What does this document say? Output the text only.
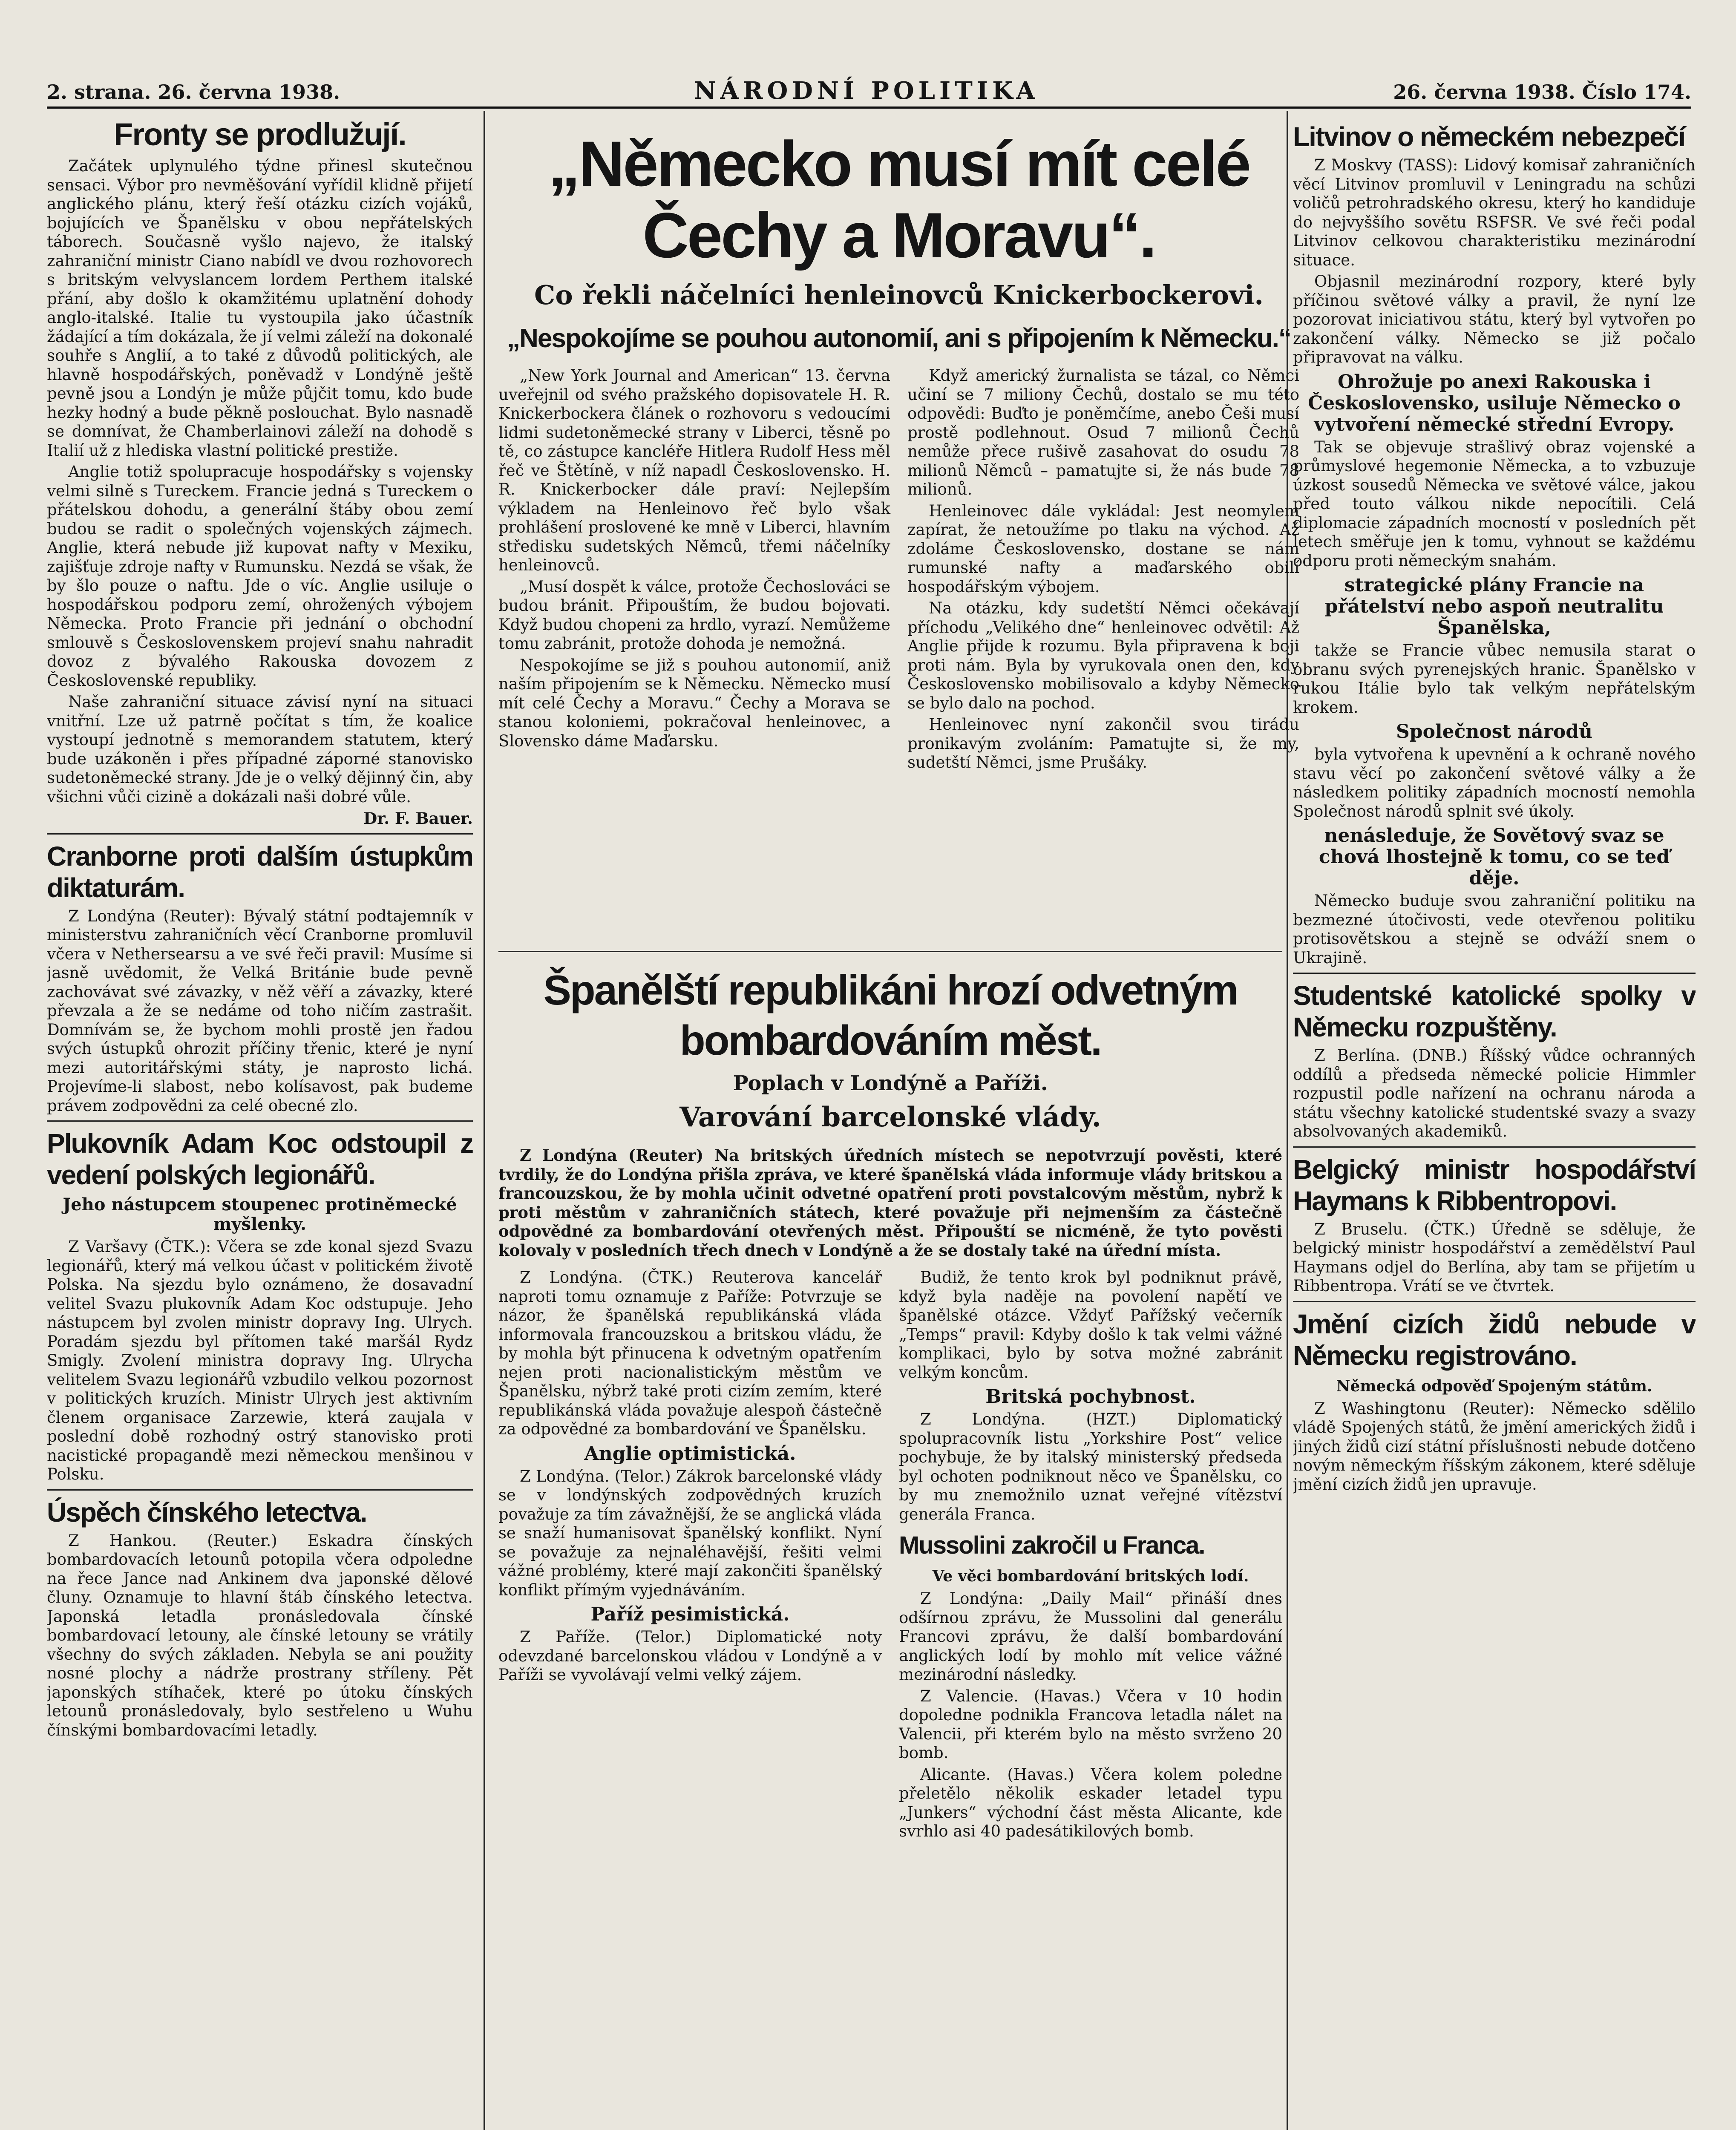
2. strana. 26. června 1938.	NÁRODNÍ POLITIKA	26. června 1938. Číslo 174.
Fronty se prodlužují.

Začátek uplynulého týdne přinesl skutečnou sensaci. Výbor pro nevměšování vyřídil klidně přijetí anglického plánu, který řeší otázku cizích vojáků, bojujících ve Španělsku v obou nepřátelských táborech. Současně vyšlo najevo, že italský zahraniční ministr Ciano nabídl ve dvou rozhovorech s britským velvyslancem lordem Perthem italské přání, aby došlo k okamžitému uplatnění dohody anglo-italské. Italie tu vystoupila jako účastník žádající a tím dokázala, že jí velmi záleží na dokonalé souhře s Anglií, a to také z důvodů politických, ale hlavně hospodářských, poněvadž v Londýně ještě pevně jsou a Londýn je může půjčit tomu, kdo bude hezky hodný a bude pěkně poslouchat. Bylo nasnadě se domnívat, že Chamberlainovi záleží na dohodě s Italií už z hlediska vlastní politické prestiže.

Anglie totiž spolupracuje hospodářsky s vojensky velmi silně s Tureckem. Francie jedná s Tureckem o přátelskou dohodu, a generální štáby obou zemí budou se radit o společných vojenských zájmech. Anglie, která nebude již kupovat nafty v Mexiku, zajišťuje zdroje nafty v Rumunsku. Nezdá se však, že by šlo pouze o naftu. Jde o víc. Anglie usiluje o hospodářskou podporu zemí, ohrožených výbojem Německa. Proto Francie při jednání o obchodní smlouvě s Československem projeví snahu nahradit dovoz z bývalého Rakouska dovozem z Československé republiky.

Naše zahraniční situace závisí nyní na situaci vnitřní. Lze už patrně počítat s tím, že koalice vystoupí jednotně s memorandem statutem, který bude uzákoněn i přes případné záporné stanovisko sudetoněmecké strany. Jde je o velký dějinný čin, aby všichni vůči cizině a dokázali naši dobré vůle.

Dr. F. Bauer.
Cranborne proti dalším ústupkům diktaturám.

Z Londýna (Reuter): Bývalý státní podtajemník v ministerstvu zahraničních věcí Cranborne promluvil včera v Nethersearsu a ve své řeči pravil: Musíme si jasně uvědomit, že Velká Británie bude pevně zachovávat své závazky, v něž věří a závazky, které převzala a že se nedáme od toho ničím zastrašit. Domnívám se, že bychom mohli prostě jen řadou svých ústupků ohrozit příčiny třenic, které je nyní mezi autoritářskými státy, je naprosto lichá. Projevíme-li slabost, nebo kolísavost, pak budeme právem zodpovědni za celé obecné zlo.

Plukovník Adam Koc odstoupil z vedení polských legionářů.
Jeho nástupcem stoupenec protiněmecké myšlenky.

Z Varšavy (ČTK.): Včera se zde konal sjezd Svazu legionářů, který má velkou účast v politickém životě Polska. Na sjezdu bylo oznámeno, že dosavadní velitel Svazu plukovník Adam Koc odstupuje. Jeho nástupcem byl zvolen ministr dopravy Ing. Ulrych. Poradám sjezdu byl přítomen také maršál Rydz Smigly. Zvolení ministra dopravy Ing. Ulrycha velitelem Svazu legionářů vzbudilo velkou pozornost v politických kruzích. Ministr Ulrych jest aktivním členem organisace Zarzewie, která zaujala v poslední době rozhodný ostrý stanovisko proti nacistické propagandě mezi německou menšinou v Polsku.

Úspěch čínského letectva.

Z Hankou. (Reuter.) Eskadra čínských bombardovacích letounů potopila včera odpoledne na řece Jance nad Ankinem dva japonské dělové čluny. Oznamuje to hlavní štáb čínského letectva. Japonská letadla pronásledovala čínské bombardovací letouny, ale čínské letouny se vrátily všechny do svých základen. Nebyla se ani použity nosné plochy a nádrže prostrany stříleny. Pět japonských stíhaček, které po útoku čínských letounů pronásledovaly, bylo sestřeleno u Wuhu čínskými bombardovacími letadly.

„Německo musí mít celé Čechy a Moravu“.
Co řekli náčelníci henleinovců Knickerbockerovi.
„Nespokojíme se pouhou autonomií, ani s připojením k Německu.“

„New York Journal and American“ 13. června uveřejnil od svého pražského dopisovatele H. R. Knickerbockera článek o rozhovoru s vedoucími lidmi sudetoněmecké strany v Liberci, těsně po tě, co zástupce kancléře Hitlera Rudolf Hess měl řeč ve Štětíně, v níž napadl Československo. H. R. Knickerbocker dále praví: Nejlepším výkladem na Henleinovo řeč bylo však prohlášení proslovené ke mně v Liberci, hlavním středisku sudetských Němců, třemi náčelníky henleinovců.

„Musí dospět k válce, protože Čechoslováci se budou bránit. Připouštím, že budou bojovati. Když budou chopeni za hrdlo, vyrazí. Nemůžeme tomu zabránit, protože dohoda je nemožná.

Nespokojíme se již s pouhou autonomií, aniž naším připojením se k Německu. Německo musí mít celé Čechy a Moravu.“ Čechy a Morava se stanou koloniemi, pokračoval henleinovec, a Slovensko dáme Maďarsku.

Když americký žurnalista se tázal, co Němci učiní se 7 miliony Čechů, dostalo se mu této odpovědi: Buďto je poněmčíme, anebo Češi musí prostě podlehnout. Osud 7 milionů Čechů nemůže přece rušivě zasahovat do osudu 78 milionů Němců – pamatujte si, že nás bude 78 milionů.

Henleinovec dále vykládal: Jest neomylem zapírat, že netoužíme po tlaku na východ. Až zdoláme Československo, dostane se nám rumunské nafty a maďarského obilí hospodářským výbojem.

Na otázku, kdy sudetští Němci očekávají příchodu „Velikého dne“ henleinovec odvětil: Až Anglie přijde k rozumu. Byla připravena k boji proti nám. Byla by vyrukovala onen den, kdy Československo mobilisovalo a kdyby Německo se bylo dalo na pochod.

Henleinovec nyní zakončil svou tirádu pronikavým zvoláním: Pamatujte si, že my, sudetští Němci, jsme Prušáky.

Španělští republikáni hrozí odvetným bombardováním měst.
Poplach v Londýně a Paříži.
Varování barcelonské vlády.
Z Londýna (Reuter) Na britských úředních místech se nepotvrzují pověsti, které tvrdily, že do Londýna přišla zpráva, ve které španělská vláda informuje vlády britskou a francouzskou, že by mohla učinit odvetné opatření proti povstalcovým městům, nybrž k proti městům v zahraničních státech, které považuje při nejmenším za částečně odpovědné za bombardování otevřených měst. Připouští se nicméně, že tyto pověsti kolovaly v posledních třech dnech v Londýně a že se dostaly také na úřední místa.

Z Londýna. (ČTK.) Reuterova kancelář naproti tomu oznamuje z Paříže: Potvrzuje se názor, že španělská republikánská vláda informovala francouzskou a britskou vládu, že by mohla být přinucena k odvetným opatřením nejen proti nacionalistickým městům ve Španělsku, nýbrž také proti cizím zemím, které republikánská vláda považuje alespoň částečně za odpovědné za bombardování ve Španělsku.

Anglie optimistická.

Z Londýna. (Telor.) Zákrok barcelonské vlády se v londýnských zodpovědných kruzích považuje za tím závažnější, že se anglická vláda se snaží humanisovat španělský konflikt. Nyní se považuje za nejnaléhavější, řešiti velmi vážné problémy, které mají zakončiti španělský konflikt přímým vyjednáváním.

Paříž pesimistická.

Z Paříže. (Telor.) Diplomatické noty odevzdané barcelonskou vládou v Londýně a v Paříži se vyvolávají velmi velký zájem.

Budiž, že tento krok byl podniknut právě, když byla naděje na povolení napětí ve španělské otázce. Vždyť Pařížský večerník „Temps“ pravil: Kdyby došlo k tak velmi vážné komplikaci, bylo by sotva možné zabránit velkým koncům.

Britská pochybnost.

Z Londýna. (HZT.) Diplomatický spolupracovník listu „Yorkshire Post“ velice pochybuje, že by italský ministerský předseda byl ochoten podniknout něco ve Španělsku, co by mu znemožnilo uznat veřejné vítězství generála Franca.

Mussolini zakročil u Franca.
Ve věci bombardování britských lodí.

Z Londýna: „Daily Mail“ přináší dnes odšírnou zprávu, že Mussolini dal generálu Francovi zprávu, že další bombardování anglických lodí by mohlo mít velice vážné mezinárodní následky.

Z Valencie. (Havas.) Včera v 10 hodin dopoledne podnikla Francova letadla nálet na Valencii, při kterém bylo na město svrženo 20 bomb.

Alicante. (Havas.) Včera kolem poledne přeletělo několik eskader letadel typu „Junkers“ východní část města Alicante, kde svrhlo asi 40 padesátikilových bomb.

Litvinov o německém nebezpečí

Z Moskvy (TASS): Lidový komisař zahraničních věcí Litvinov promluvil v Leningradu na schůzi voličů petrohradského okresu, který ho kandiduje do nejvyššího sovětu RSFSR. Ve své řeči podal Litvinov celkovou charakteristiku mezinárodní situace.

Objasnil mezinárodní rozpory, které byly příčinou světové války a pravil, že nyní lze pozorovat iniciativou státu, který byl vytvořen po zakončení války. Německo se již počalo připravovat na válku.

Ohrožuje po anexi Rakouska i Československo, usiluje Německo o vytvoření německé střední Evropy.

Tak se objevuje strašlivý obraz vojenské a průmyslové hegemonie Německa, a to vzbuzuje úzkost sousedů Německa ve světové válce, jakou před touto válkou nikde nepocítili. Celá diplomacie západních mocností v posledních pět letech směřuje jen k tomu, vyhnout se každému odporu proti německým snahám.

strategické plány Francie na přátelství nebo aspoň neutralitu Španělska,

takže se Francie vůbec nemusila starat o obranu svých pyrenejských hranic. Španělsko v rukou Itálie bylo tak velkým nepřátelským krokem.

Společnost národů

byla vytvořena k upevnění a k ochraně nového stavu věcí po zakončení světové války a že následkem politiky západních mocností nemohla Společnost národů splnit své úkoly.

nenásleduje, že Sovětový svaz se chová lhostejně k tomu, co se teď děje.

Německo buduje svou zahraniční politiku na bezmezné útočivosti, vede otevřenou politiku protisovětskou a stejně se odváží snem o Ukrajině.

Studentské katolické spolky v Německu rozpuštěny.

Z Berlína. (DNB.) Říšský vůdce ochranných oddílů a předseda německé policie Himmler rozpustil podle nařízení na ochranu národa a státu všechny katolické studentské svazy a svazy absolvovaných akademiků.

Belgický ministr hospodářství Haymans k Ribbentropovi.

Z Bruselu. (ČTK.) Úředně se sděluje, že belgický ministr hospodářství a zemědělství Paul Haymans odjel do Berlína, aby tam se přijetím u Ribbentropa. Vrátí se ve čtvrtek.

Jmění cizích židů nebude v Německu registrováno.
Německá odpověď Spojeným státům.

Z Washingtonu (Reuter): Německo sdělilo vládě Spojených států, že jmění amerických židů i jiných židů cizí státní příslušnosti nebude dotčeno novým německým říšským zákonem, které sděluje jmění cizích židů jen upravuje.
